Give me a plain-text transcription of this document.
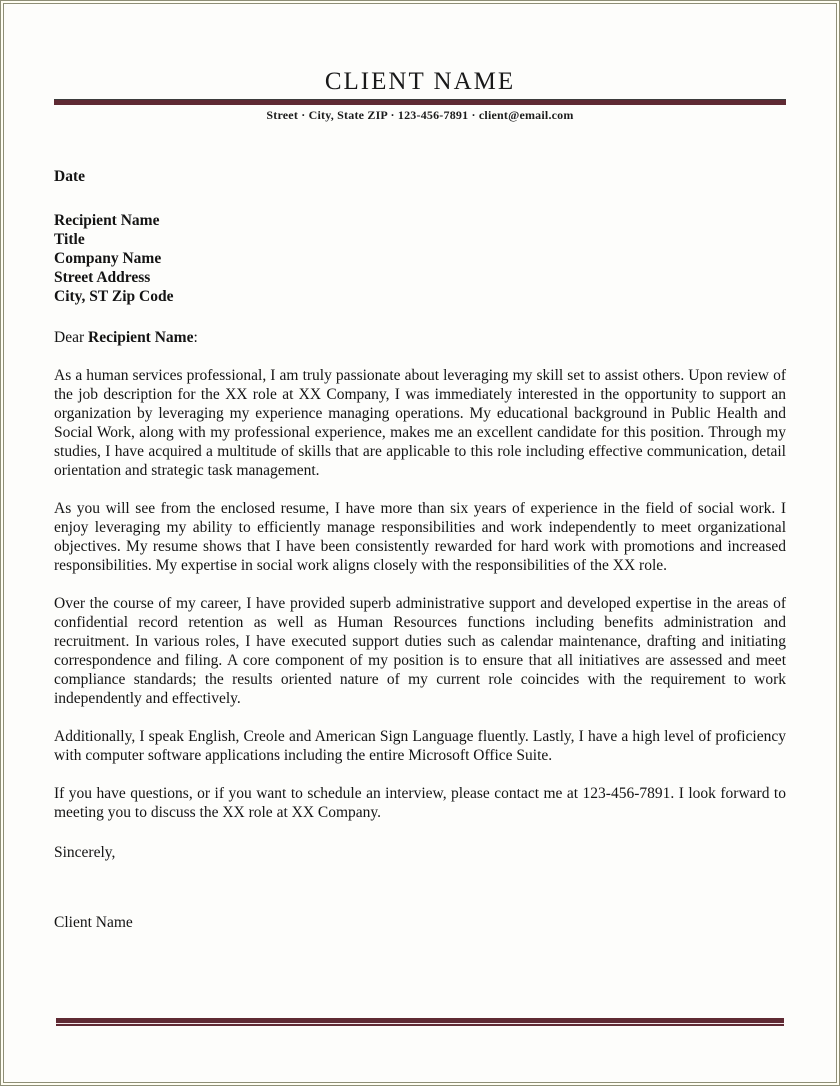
CLIENT NAME
Street · City, State ZIP · 123-456-7891 · client@email.com
Date
Recipient Name
Title
Company Name
Street Address
City, ST Zip Code
Dear Recipient Name:

As a human services professional, I am truly passionate about leveraging my skill set to assist others. Upon review of the job description for the XX role at XX Company, I was immediately interested in the opportunity to support an organization by leveraging my experience managing operations. My educational background in Public Health and Social Work, along with my professional experience, makes me an excellent candidate for this position. Through my studies, I have acquired a multitude of skills that are applicable to this role including effective communication, detail orientation and strategic task management.

As you will see from the enclosed resume, I have more than six years of experience in the field of social work. I enjoy leveraging my ability to efficiently manage responsibilities and work independently to meet organizational objectives. My resume shows that I have been consistently rewarded for hard work with promotions and increased responsibilities. My expertise in social work aligns closely with the responsibilities of the XX role.

Over the course of my career, I have provided superb administrative support and developed expertise in the areas of confidential record retention as well as Human Resources functions including benefits administration and recruitment. In various roles, I have executed support duties such as calendar maintenance, drafting and initiating correspondence and filing. A core component of my position is to ensure that all initiatives are assessed and meet compliance standards; the results oriented nature of my current role coincides with the requirement to work independently and effectively.

Additionally, I speak English, Creole and American Sign Language fluently. Lastly, I have a high level of proficiency with computer software applications including the entire Microsoft Office Suite.

If you have questions, or if you want to schedule an interview, please contact me at 123-456-7891. I look forward to meeting you to discuss the XX role at XX Company.

Sincerely,
Client Name
